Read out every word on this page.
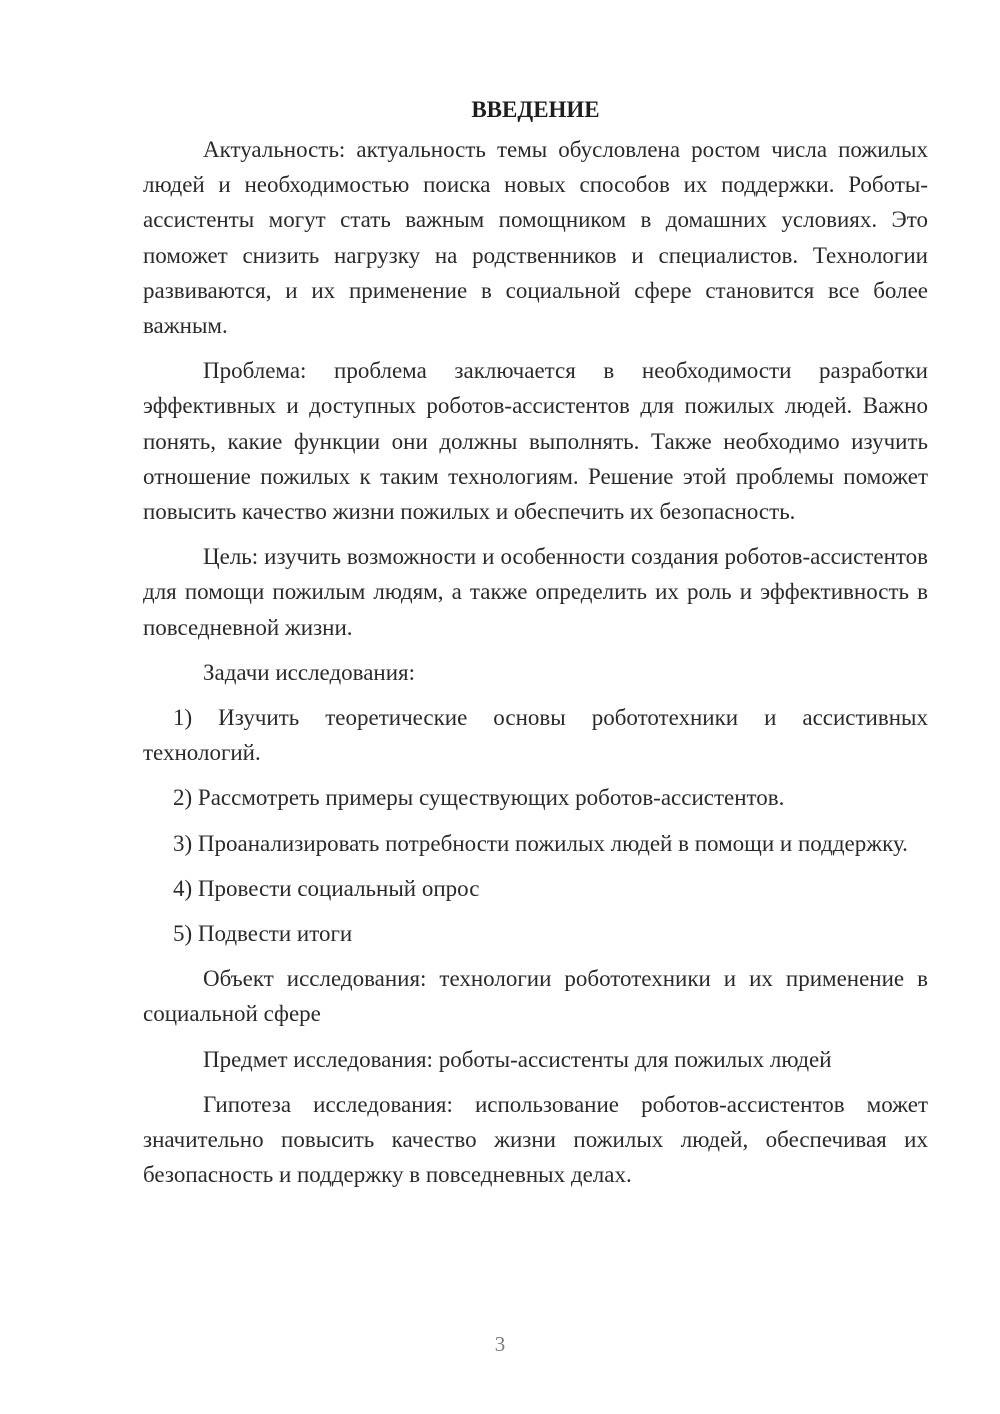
ВВЕДЕНИЕ

Актуальность: актуальность темы обусловлена ростом числа пожилых людей и необходимостью поиска новых способов их поддержки. Роботы-ассистенты могут стать важным помощником в домашних условиях. Это поможет снизить нагрузку на родственников и специалистов. Технологии развиваются, и их применение в социальной сфере становится все более важным.

Проблема: проблема заключается в необходимости разработки эффективных и доступных роботов-ассистентов для пожилых людей. Важно понять, какие функции они должны выполнять. Также необходимо изучить отношение пожилых к таким технологиям. Решение этой проблемы поможет повысить качество жизни пожилых и обеспечить их безопасность.

Цель: изучить возможности и особенности создания роботов-ассистентов для помощи пожилым людям, а также определить их роль и эффективность в повседневной жизни.

Задачи исследования:

1) Изучить теоретические основы робототехники и ассистивных технологий.

2) Рассмотреть примеры существующих роботов-ассистентов.

3) Проанализировать потребности пожилых людей в помощи и поддержку.

4) Провести социальный опрос

5) Подвести итоги

Объект исследования: технологии робототехники и их применение в социальной сфере

Предмет исследования: роботы-ассистенты для пожилых людей

Гипотеза исследования: использование роботов-ассистентов может значительно повысить качество жизни пожилых людей, обеспечивая их безопасность и поддержку в повседневных делах.

3
